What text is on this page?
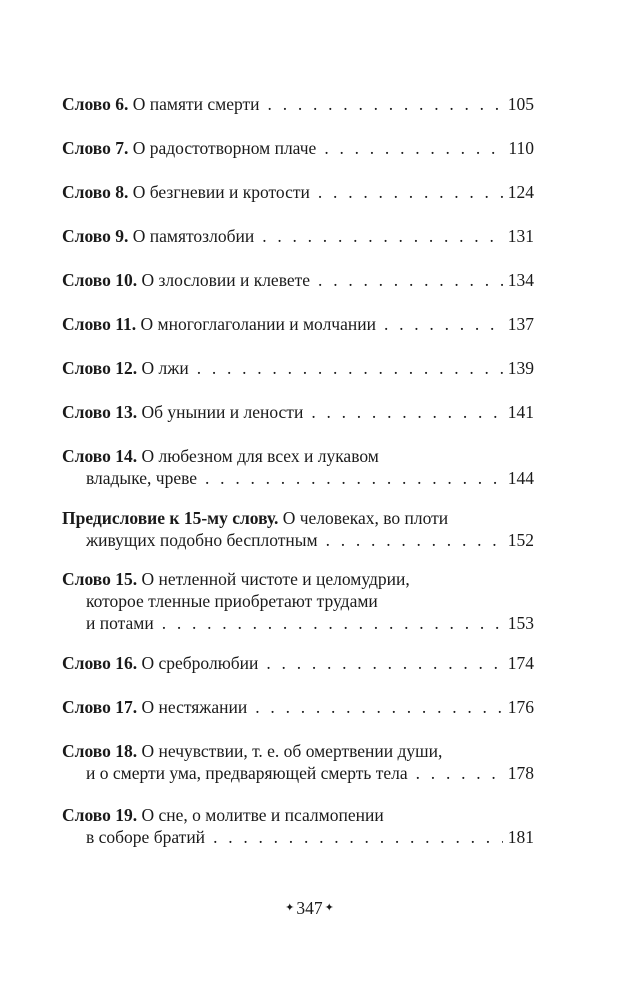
Слово 6.
О памяти смерти . . .	105
Слово 7.
О радостотворном плаче . . .	110
Слово 8.
О безгневии и кротости . . .	124
Слово 9.
О памятозлобии . . .	131
Слово 10.
О злословии и клевете . . .	134
Слово 11.
О многоглаголании и молчании . . .	137
Слово 12.
О лжи . . .	139
Слово 13.
Об унынии и лености . . .	141
Слово 14.
О любезном для всех и лукавом
владыке, чреве . . .	144
Предисловие к 15-му слову.
О человеках, во плоти
живущих подобно бесплотным . . .	152
Слово 15.
О нетленной чистоте и целомудрии,
которое тленные приобретают трудами
и потами . . .	153
Слово 16.
О сребролюбии . . .	174
Слово 17.
О нестяжании . . .	176
Слово 18.
О нечувствии, т. е. об омертвении души,
и о смерти ума, предваряющей смерть тела . . .	178
Слово 19.
О сне, о молитве и псалмопении
в соборе братий . . .	181
✦ 347 ✦
